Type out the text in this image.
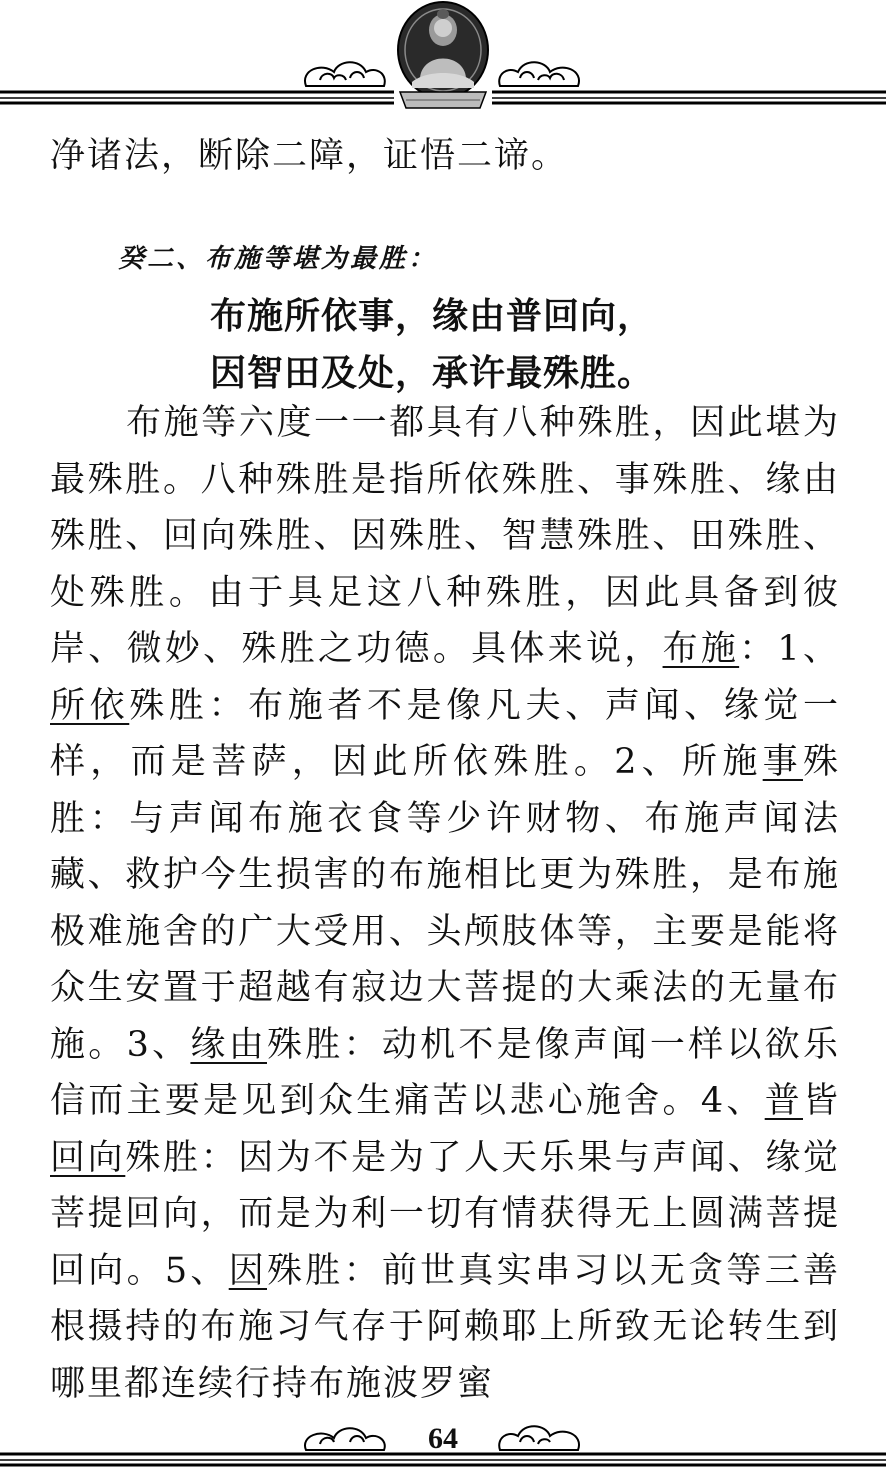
净诸法，断除二障，证悟二谛。
癸二、布施等堪为最胜：
布施所依事，缘由普回向，
因智田及处，承许最殊胜。
布施等六度一一都具有八种殊胜，因此堪为最殊胜。八种殊胜是指所依殊胜、事殊胜、缘由殊胜、回向殊胜、因殊胜、智慧殊胜、田殊胜、处殊胜。由于具足这八种殊胜，因此具备到彼岸、微妙、殊胜之功德。具体来说，布施：1、所依殊胜：布施者不是像凡夫、声闻、缘觉一样，而是菩萨，因此所依殊胜。2、所施事殊胜：与声闻布施衣食等少许财物、布施声闻法藏、救护今生损害的布施相比更为殊胜，是布施极难施舍的广大受用、头颅肢体等，主要是能将众生安置于超越有寂边大菩提的大乘法的无量布施。3、缘由殊胜：动机不是像声闻一样以欲乐信而主要是见到众生痛苦以悲心施舍。4、普皆回向殊胜：因为不是为了人天乐果与声闻、缘觉菩提回向，而是为利一切有情获得无上圆满菩提回向。5、因殊胜：前世真实串习以无贪等三善根摄持的布施习气存于阿赖耶上所致无论转生到哪里都连续行持布施波罗蜜
64
